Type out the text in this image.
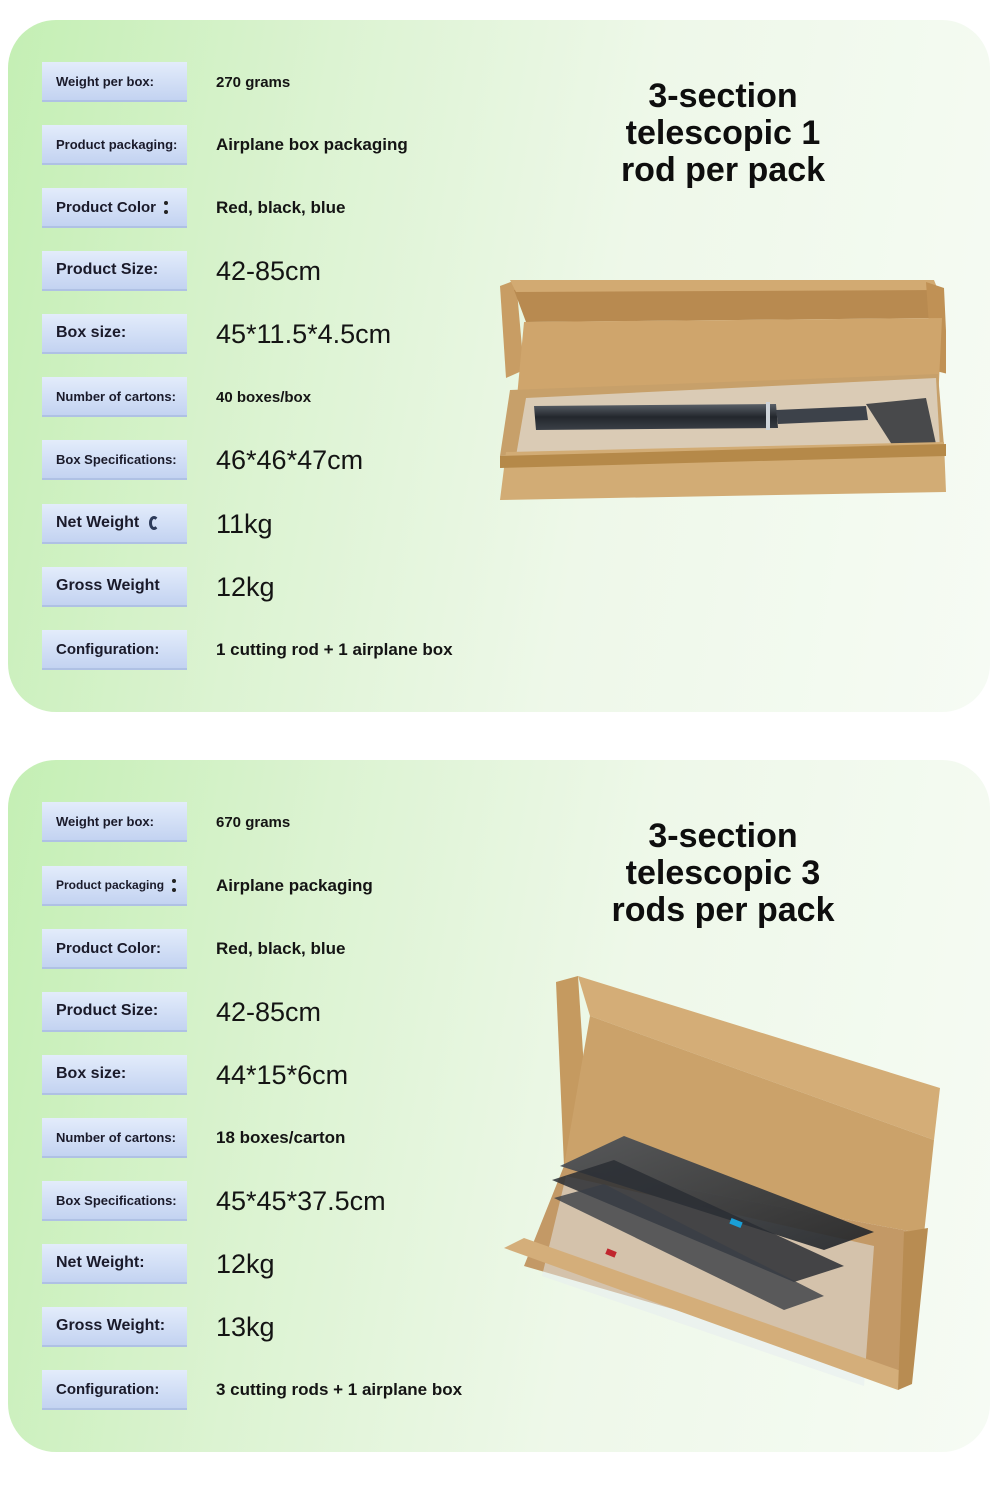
Weight per box:	270 grams
Product packaging: Airplane box packaging
Product Color	Red, black, blue
Product Size: 42-85cm
Box size:	45*11.5*4.5cm
Number of cartons:	40 boxes/box
Box Specifications: 46*46*47cm
Net Weight	11kg
Gross Weight 12kg
Configuration:	1 cutting rod + 1 airplane box
3-section
telescopic 1
rod per pack
Weight per box:	670 grams
Product packaging	Airplane packaging
Product Color:	Red, black, blue
Product Size: 42-85cm
Box size:	44*15*6cm
Number of cartons: 18 boxes/carton
Box Specifications: 45*45*37.5cm
Net Weight:	12kg
Gross Weight: 13kg
Configuration:	3 cutting rods + 1 airplane box
3-section
telescopic 3
rods per pack
